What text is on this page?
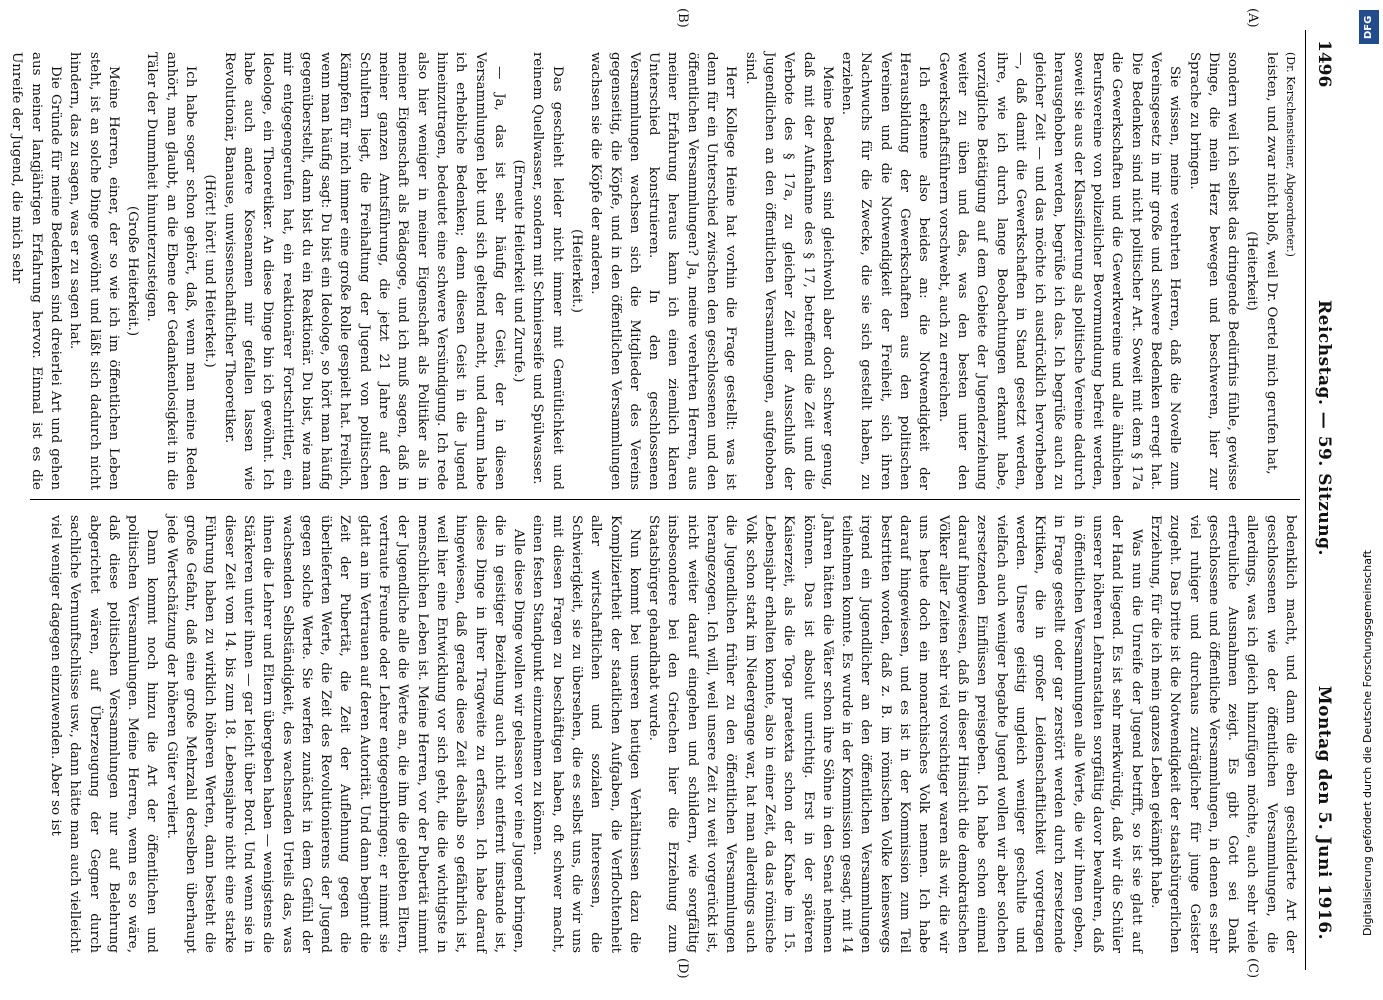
1496
Reichstag. — 59. Sitzung.
Montag den 5. Juni 1916.
(A)
(B)
(D)	(C)

(Dr. Kerschensteiner, Abgeordneter.)

leisten, und zwar nicht bloß, weil Dr. Oertel mich gerufen hat,

(Heiterkeit)

sondern weil ich selbst das dringende Bedürfnis fühle, gewisse Dinge, die mein Herz bewegen und beschweren, hier zur Sprache zu bringen.

Sie wissen, meine verehrten Herren, daß die Novelle zum Vereinsgesetz in mir große und schwere Bedenken erregt hat. Die Bedenken sind nicht politischer Art. Soweit mit dem § 17a die Gewerkschaften und die Gewerkvereine und alle ähnlichen Berufsvereine von polizeilicher Bevormundung befreit werden, soweit sie aus der Klassifizierung als politische Vereine dadurch herausgehoben werden, begrüße ich das. Ich begrüße auch zu gleicher Zeit — und das möchte ich ausdrücklich hervorheben —, daß damit die Gewerkschaften in Stand gesetzt werden, ihre, wie ich durch lange Beobachtungen erkannt habe, vorzügliche Betätigung auf dem Gebiete der Jugenderziehung weiter zu üben und das, was den besten unter den Gewerkschaftsführern vorschwebt, auch zu erreichen.

Ich erkenne also beides an: die Notwendigkeit der Herausbildung der Gewerkschaften aus den politischen Vereinen und die Notwendigkeit der Freiheit, sich ihren Nachwuchs für die Zwecke, die sie sich gestellt haben, zu erziehen.

Meine Bedenken sind gleichwohl aber doch schwer genug, daß mit der Aufnahme des § 17, betreffend die Zeit und die Verbote des § 17a, zu gleicher Zeit der Ausschluß der Jugendlichen an den öffentlichen Versammlungen, aufgehoben sind.

Herr Kollege Heine hat vorhin die Frage gestellt: was ist denn für ein Unterschied zwischen den geschlossenen und den öffentlichen Versammlungen? Ja, meine verehrten Herren, aus meiner Erfahrung heraus kann ich einen ziemlich klaren Unterschied konstruieren. In den geschlossenen Versammlungen wachsen sich die Mitglieder des Vereins gegenseitig, die Köpfe, und in den öffentlichen Versammlungen wachsen sie die Köpfe der anderen.

(Heiterkeit.)

Das geschieht leider nicht immer mit Gemütlichkeit und reinem Quellwasser, sondern mit Schmierseife und Spülwasser.

(Erneute Heiterkeit und Zurufe.)

— Ja, das ist sehr häufig der Geist, der in diesen Versammlungen lebt und sich geltend macht, und darum habe ich erhebliche Bedenken; denn diesen Geist in die Jugend hineinzutragen, bedeutet eine schwere Versündigung. Ich rede also hier weniger in meiner Eigenschaft als Politiker als in meiner Eigenschaft als Pädagoge, und ich muß sagen, daß in meiner ganzen Amtsführung, die jetzt 21 Jahre auf den Schultern liegt, die Freihaltung der Jugend von politischen Kämpfen für mich immer eine große Rolle gespielt hat. Freilich, wenn man häufig sagt: Du bist ein Ideologe, so hört man häufig gegenüberstellt, dann bist du ein Reaktionär. Du bist, wie man mir entgegengerufen hat, ein reaktionärer Fortschrittler, ein Ideologe, ein Theoretiker. An diese Dinge bin ich gewöhnt. Ich habe auch andere Kosenamen mir gefallen lassen wie Revolutionär, Banause, unwissenschaftlicher Theoretiker.

(Hört! hört! und Heiterkeit.)

Ich habe sogar schon gehört, daß, wenn man meine Reden anhört, man glaubt, an die Ebene der Gedankenlosigkeit in die Täler der Dummheit hinunterzusteigen.

(Große Heiterkeit.)

Meine Herren, einer, der so wie ich im öffentlichen Leben steht, ist an solche Dinge gewöhnt und läßt sich dadurch nicht hindern, das zu sagen, was er zu sagen hat.

Die Gründe für meine Bedenken sind dreierlei Art und gehen aus meiner langjährigen Erfahrung hervor. Einmal ist es die Unreife der Jugend, die mich sehr

bedenklich macht, und dann die eben geschilderte Art der geschlossenen wie der öffentlichen Versammlungen, die allerdings, was ich gleich hinzufügen möchte, auch sehr viele erfreuliche Ausnahmen zeigt. Es gibt Gott sei Dank geschlossene und öffentliche Versammlungen, in denen es sehr viel ruhiger und durchaus zuträglicher für junge Geister zugeht. Das Dritte ist die Notwendigkeit der staatsbürgerlichen Erziehung, für die ich mein ganzes Leben gekämpft habe.

Was nun die Unreife der Jugend betrifft, so ist sie glatt auf der Hand liegend. Es ist sehr merkwürdig, daß wir die Schüler unserer höheren Lehranstalten sorgfältig davor bewahren, daß in öffentlichen Versammlungen alle Werte, die wir ihnen geben, in Frage gestellt oder gar zerstört werden durch zersetzende Kritiken, die in großer Leidenschaftlichkeit vorgetragen werden. Unsere geistig ungleich weniger geschulte und vielfach auch weniger begabte Jugend wollen wir aber solchen zersetzenden Einflüssen preisgeben. Ich habe schon einmal darauf hingewiesen, daß in dieser Hinsicht die demokratischen Völker aller Zeiten sehr viel vorsichtiger waren als wir, die wir uns heute doch ein monarchisches Volk nennen. Ich habe darauf hingewiesen, und es ist in der Kommission zum Teil bestritten worden, daß z. B. im römischen Volke keineswegs irgend ein Jugendlicher an den öffentlichen Versammlungen teilnehmen konnte. Es wurde in der Kommission gesagt, mit 14 Jahren hätten die Väter schon ihre Söhne in den Senat nehmen können. Das ist absolut unrichtig. Erst in der späteren Kaiserzeit, als die Toga praetexta schon der Knabe im 15. Lebensjahr erhalten konnte, also in einer Zeit, da das römische Volk schon stark im Niedergange war, hat man allerdings auch die Jugendlichen früher zu den öffentlichen Versammlungen herangezogen. Ich will, weil unsere Zeit zu weit vorgerückt ist, nicht weiter darauf eingehen und schildern, wie sorgfältig insbesondere bei den Griechen hier die Erziehung zum Staatsbürger gehandhabt wurde.

Nun kommt bei unseren heutigen Verhältnissen dazu die Kompliziertheit der staatlichen Aufgaben, die Verflochtenheit aller wirtschaftlichen und sozialen Interessen, die Schwierigkeit, sie zu übersehen, die es selbst uns, die wir uns mit diesen Fragen zu beschäftigen haben, oft schwer macht, einen festen Standpunkt einzunehmen zu können.

Alle diese Dinge wollen wir gelassen vor eine Jugend bringen, die in geistiger Beziehung auch nicht entfernt imstande ist, diese Dinge in ihrer Tragweite zu erfassen. Ich habe darauf hingewiesen, daß gerade diese Zeit deshalb so gefährlich ist, weil hier eine Entwicklung vor sich geht, die die wichtigste in menschlichen Leben ist. Meine Herren, vor der Pubertät nimmt der Jugendliche alle die Werte an, die ihm die geliebten Eltern, vertraute Freunde oder Lehrer entgegenbringen; er nimmt sie glatt an im Vertrauen auf deren Autorität. Und dann beginnt die Zeit der Pubertät, die Zeit der Auflehnung gegen die überlieferten Werte, die Zeit des Revolutionierens der Jugend gegen solche Werte. Sie werfen zunächst in dem Gefühl der wachsenden Selbständigkeit, des wachsenden Urteils das, was ihnen die Lehrer und Eltern übergeben haben — wenigstens die Stärkeren unter ihnen — gar leicht über Bord. Und wenn sie in dieser Zeit vom 14. bis zum 18. Lebensjahre nicht eine starke Führung haben zu wirklich höheren Werten, dann besteht die große Gefahr, daß eine große Mehrzahl derselben überhaupt jede Wertschätzung der höheren Güter verliert.

Dann kommt noch hinzu die Art der öffentlichen und politischen Versammlungen. Meine Herren, wenn es so wäre, daß diese politischen Versammlungen nur auf Belehrung abgerichtet wären, auf Überzeugung der Gegner durch sachliche Vernunftschlüsse usw., dann hätte man auch vielleicht viel weniger dagegen einzuwenden. Aber so ist

DFG
Digitalisierung gefördert durch die Deutsche Forschungsgemeinschaft
